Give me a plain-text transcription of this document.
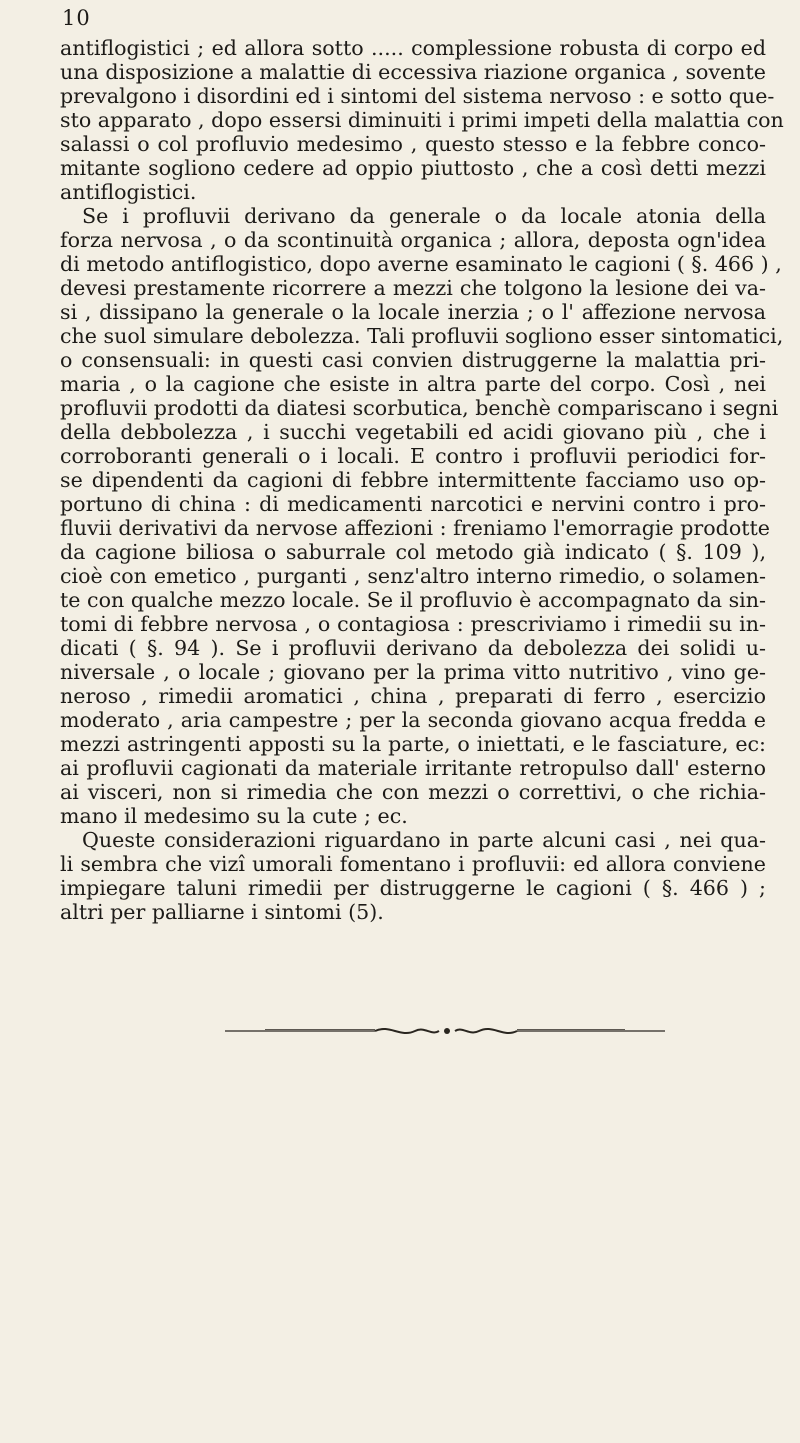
10
antiflogistici ; ed allora sotto ..... complessione robusta di corpo ed
una disposizione a malattie di eccessiva riazione organica , sovente
prevalgono i disordini ed i sintomi del sistema nervoso : e sotto que-
sto apparato , dopo essersi diminuiti i primi impeti della malattia con
salassi o col profluvio medesimo , questo stesso e la febbre conco-
mitante sogliono cedere ad oppio piuttosto , che a così detti mezzi
antiflogistici.
Se i profluvii derivano da generale o da locale atonia della
forza nervosa , o da scontinuità organica ; allora, deposta ogn'idea
di metodo antiflogistico, dopo averne esaminato le cagioni ( §. 466 ) ,
devesi prestamente ricorrere a mezzi che tolgono la lesione dei va-
si , dissipano la generale o la locale inerzia ; o l' affezione nervosa
che suol simulare debolezza. Tali profluvii sogliono esser sintomatici,
o consensuali: in questi casi convien distruggerne la malattia pri-
maria , o la cagione che esiste in altra parte del corpo. Così , nei
profluvii prodotti da diatesi scorbutica, benchè compariscano i segni
della debbolezza , i succhi vegetabili ed acidi giovano più , che i
corroboranti generali o i locali. E contro i profluvii periodici for-
se dipendenti da cagioni di febbre intermittente facciamo uso op-
portuno di china : di medicamenti narcotici e nervini contro i pro-
fluvii derivativi da nervose affezioni : freniamo l'emorragie prodotte
da cagione biliosa o saburrale col metodo già indicato ( §. 109 ),
cioè con emetico , purganti , senz'altro interno rimedio, o solamen-
te con qualche mezzo locale. Se il profluvio è accompagnato da sin-
tomi di febbre nervosa , o contagiosa : prescriviamo i rimedii su in-
dicati ( §. 94 ). Se i profluvii derivano da debolezza dei solidi u-
niversale , o locale ; giovano per la prima vitto nutritivo , vino ge-
neroso , rimedii aromatici , china , preparati di ferro , esercizio
moderato , aria campestre ; per la seconda giovano acqua fredda e
mezzi astringenti apposti su la parte, o iniettati, e le fasciature, ec:
ai profluvii cagionati da materiale irritante retropulso dall' esterno
ai visceri, non si rimedia che con mezzi o correttivi, o che richia-
mano il medesimo su la cute ; ec.
Queste considerazioni riguardano in parte alcuni casi , nei qua-
li sembra che vizî umorali fomentano i profluvii: ed allora conviene
impiegare taluni rimedii per distruggerne le cagioni ( §. 466 ) ;
altri per palliarne i sintomi (5).
